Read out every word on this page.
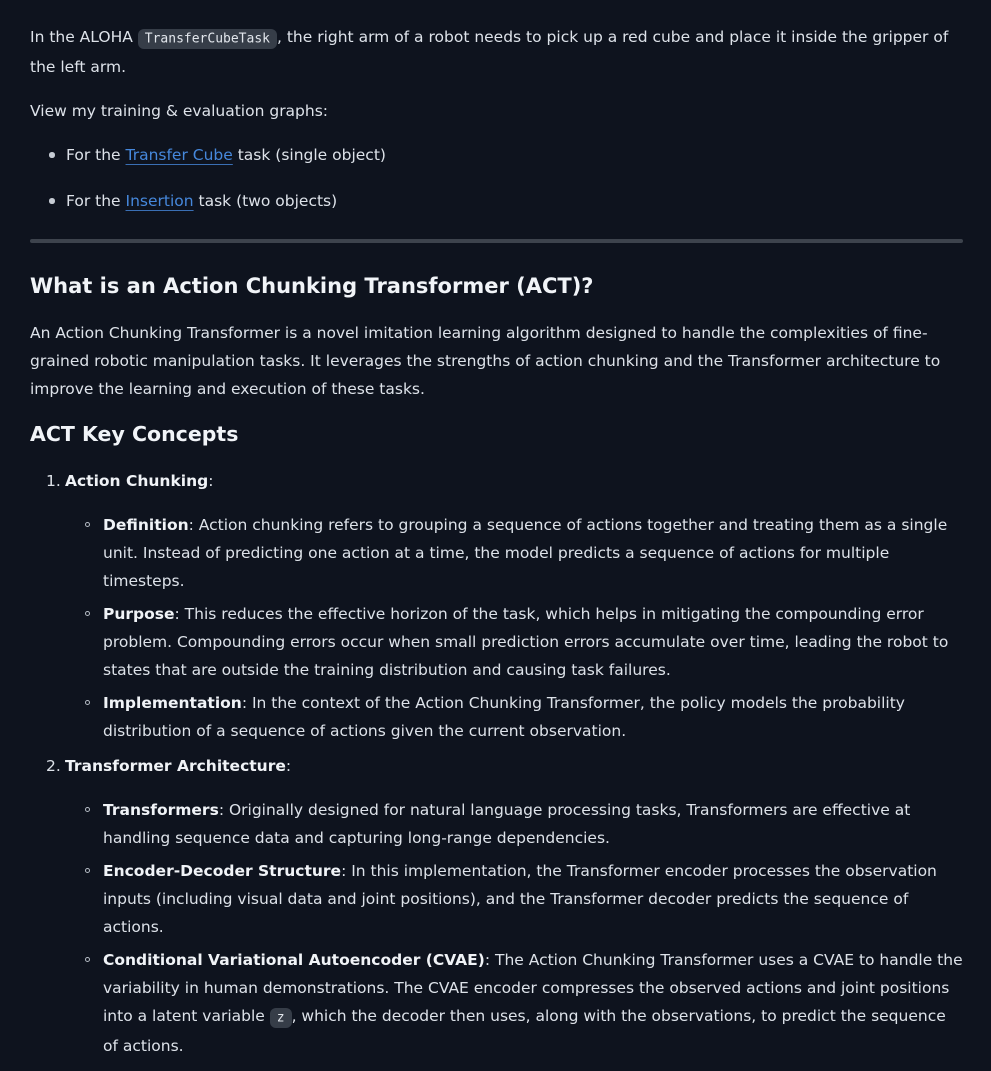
In the ALOHA TransferCubeTask , the right arm of a robot needs to pick up a red cube and place it inside the gripper of the left arm.

View my training & evaluation graphs:

For the Transfer Cube task (single object)
For the Insertion task (two objects)
What is an Action Chunking Transformer (ACT)?

An Action Chunking Transformer is a novel imitation learning algorithm designed to handle the complexities of fine-grained robotic manipulation tasks. It leverages the strengths of action chunking and the Transformer architecture to improve the learning and execution of these tasks.

ACT Key Concepts
1. Action Chunking:
Definition: Action chunking refers to grouping a sequence of actions together and treating them as a single unit. Instead of predicting one action at a time, the model predicts a sequence of actions for multiple timesteps.
Purpose: This reduces the effective horizon of the task, which helps in mitigating the compounding error problem. Compounding errors occur when small prediction errors accumulate over time, leading the robot to states that are outside the training distribution and causing task failures.
Implementation: In the context of the Action Chunking Transformer, the policy models the probability distribution of a sequence of actions given the current observation.
2. Transformer Architecture:
Transformers: Originally designed for natural language processing tasks, Transformers are effective at handling sequence data and capturing long-range dependencies.
Encoder-Decoder Structure: In this implementation, the Transformer encoder processes the observation inputs (including visual data and joint positions), and the Transformer decoder predicts the sequence of actions.
Conditional Variational Autoencoder (CVAE): The Action Chunking Transformer uses a CVAE to handle the variability in human demonstrations. The CVAE encoder compresses the observed actions and joint positions into a latent variable z , which the decoder then uses, along with the observations, to predict the sequence of actions.
